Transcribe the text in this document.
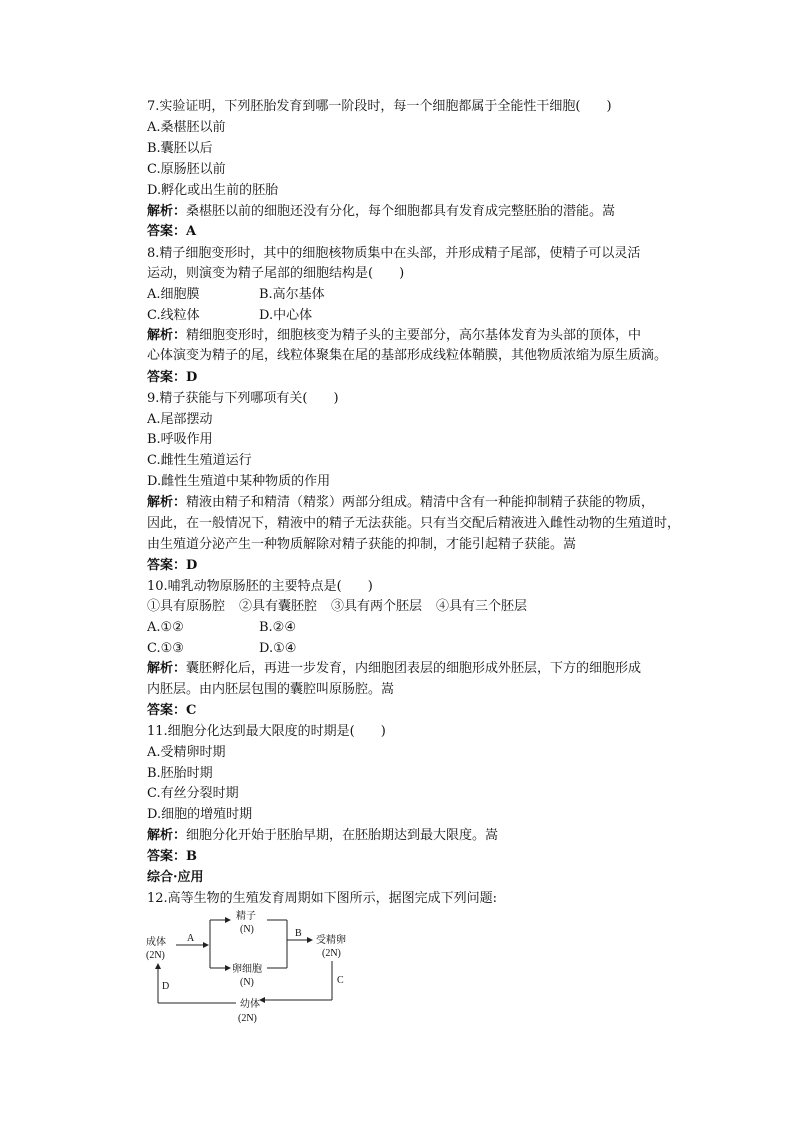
7.实验证明，下列胚胎发育到哪一阶段时，每一个细胞都属于全能性干细胞(　　)
A.桑椹胚以前
B.囊胚以后
C.原肠胚以前
D.孵化或出生前的胚胎
解析：桑椹胚以前的细胞还没有分化，每个细胞都具有发育成完整胚胎的潜能。嵩
答案：A
8.精子细胞变形时，其中的细胞核物质集中在头部，并形成精子尾部，使精子可以灵活
运动，则演变为精子尾部的细胞结构是(　　)
A.细胞膜	B.高尔基体
C.线粒体	D.中心体
解析：精细胞变形时，细胞核变为精子头的主要部分，高尔基体发育为头部的顶体，中
心体演变为精子的尾，线粒体聚集在尾的基部形成线粒体鞘膜，其他物质浓缩为原生质滴。
答案：D
9.精子获能与下列哪项有关(　　)
A.尾部摆动
B.呼吸作用
C.雌性生殖道运行
D.雌性生殖道中某种物质的作用
解析：精液由精子和精清（精浆）两部分组成。精清中含有一种能抑制精子获能的物质，
因此，在一般情况下，精液中的精子无法获能。只有当交配后精液进入雌性动物的生殖道时，
由生殖道分泌产生一种物质解除对精子获能的抑制，才能引起精子获能。嵩
答案：D
10.哺乳动物原肠胚的主要特点是(　　)
①具有原肠腔 ②具有囊胚腔 ③具有两个胚层 ④具有三个胚层
A.①②	B.②④
C.①③	D.①④
解析：囊胚孵化后，再进一步发育，内细胞团表层的细胞形成外胚层，下方的细胞形成
内胚层。由内胚层包围的囊腔叫原肠腔。嵩
答案：C
11.细胞分化达到最大限度的时期是(　　)
A.受精卵时期
B.胚胎时期
C.有丝分裂时期
D.细胞的增殖时期
解析：细胞分化开始于胚胎早期，在胚胎期达到最大限度。嵩
答案：B
综合·应用
12.高等生物的生殖发育周期如下图所示，据图完成下列问题:
成体
(2N)
A
精子
(N)
卵细胞
(N)
B
受精卵
(2N)
C
幼体
(2N)
D
